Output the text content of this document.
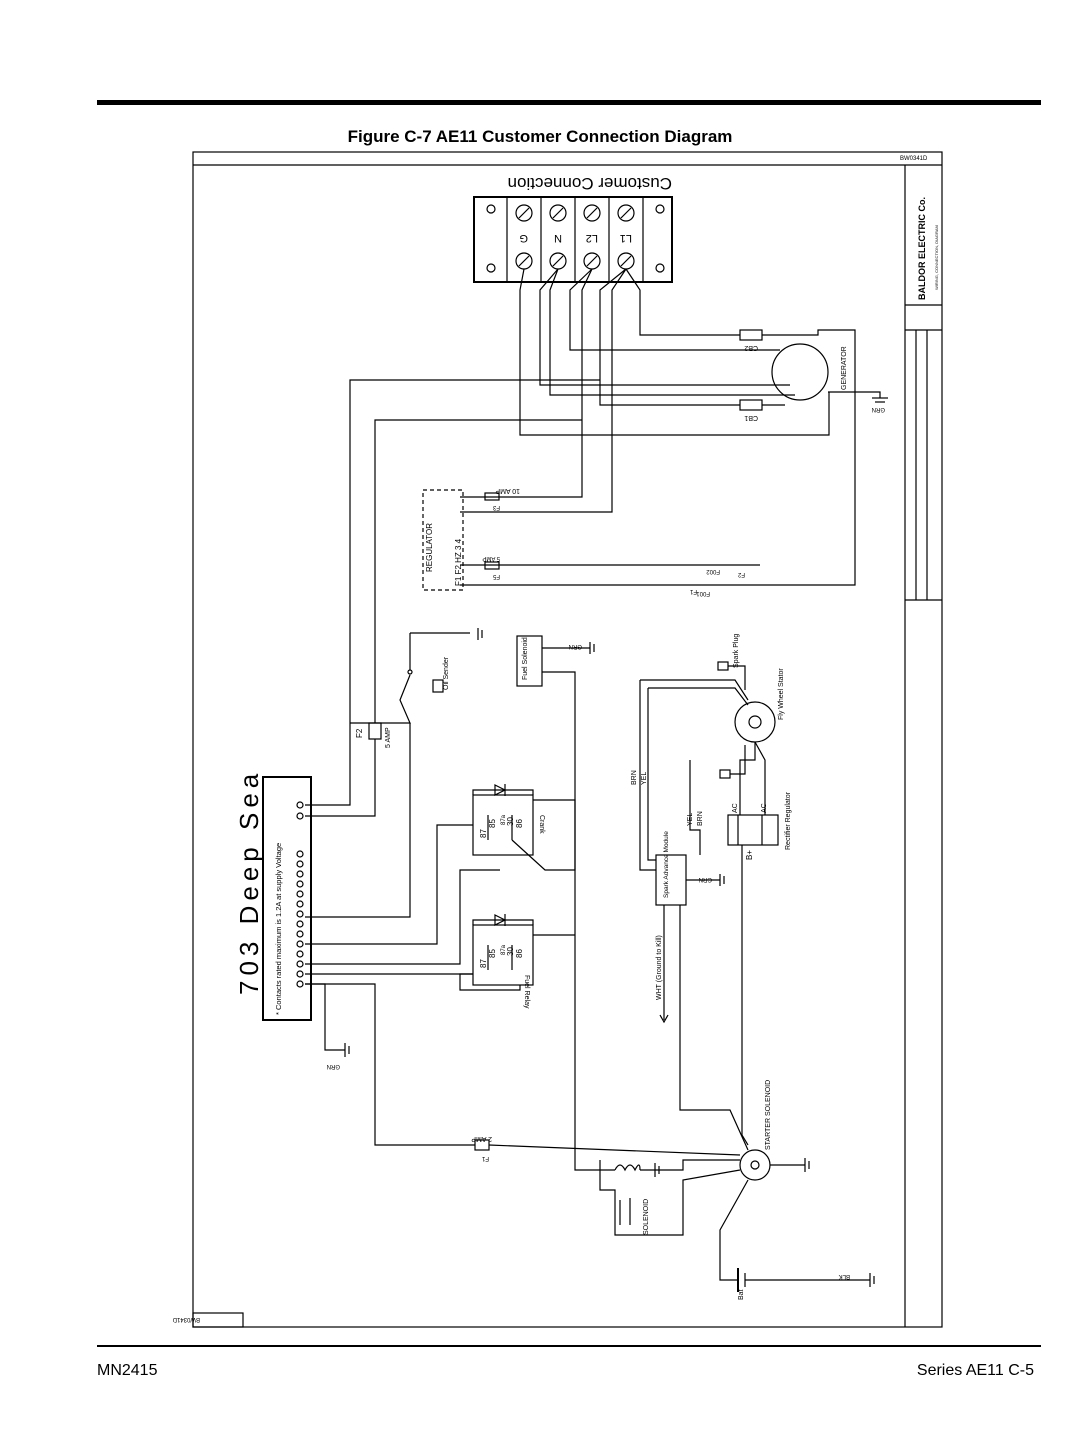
Figure C-7 AE11 Customer Connection Diagram
BW0341D
BW0341D
BALDOR ELECTRIC Co. WIRING, CONNECTION, DIAGRAM
Customer Connection
G N L2 L1
CB2
CB1
GENERATOR
GRN
REGULATOR	F1 F2 HZ 3 4
F3
10 AMP
F5
5 AMP
F001
F002
F1
F2
Oil Sender
F2	5 AMP
Fuel Solenoid	GRN
703 Deep Sea * Contacts rated maximum is 1.2A at supply Voltage
GRN
Crank
87
85 87a 30 86
Fuel Relay
87
85 87a 30 86
Spark Plug
Fly Wheel Stator
BRN YEL
AC	AC Rectifier Regulator
B+
YEL BRN
Spark Advance Module	GRN
WHT (Ground to Kill)
STARTER SOLENOID
F1
2 AMP
SOLENOID
Bat
BLK
MN2415	Series AE11 C-5
